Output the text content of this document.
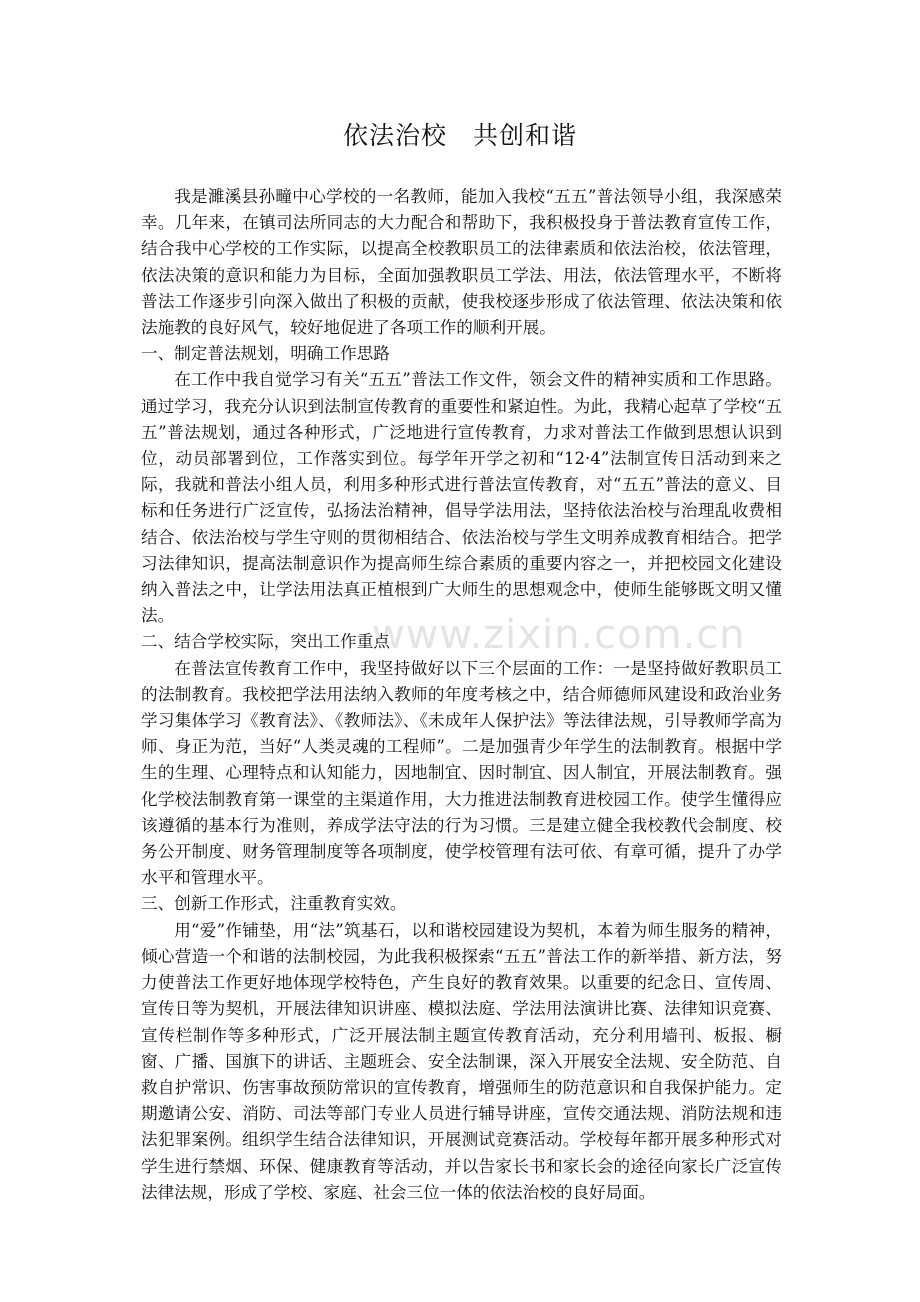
www.zixin.com.cn
依法治校　共创和谐

我是濉溪县孙疃中心学校的一名教师，能加入我校“五五”普法领导小组，我深感荣幸。几年来，在镇司法所同志的大力配合和帮助下，我积极投身于普法教育宣传工作，结合我中心学校的工作实际，以提高全校教职员工的法律素质和依法治校，依法管理，依法决策的意识和能力为目标，全面加强教职员工学法、用法，依法管理水平，不断将普法工作逐步引向深入做出了积极的贡献，使我校逐步形成了依法管理、依法决策和依法施教的良好风气，较好地促进了各项工作的顺利开展。

一、制定普法规划，明确工作思路

在工作中我自觉学习有关“五五”普法工作文件，领会文件的精神实质和工作思路。通过学习，我充分认识到法制宣传教育的重要性和紧迫性。为此，我精心起草了学校“五五”普法规划，通过各种形式，广泛地进行宣传教育，力求对普法工作做到思想认识到位，动员部署到位，工作落实到位。每学年开学之初和“12·4”法制宣传日活动到来之际，我就和普法小组人员，利用多种形式进行普法宣传教育，对“五五”普法的意义、目标和任务进行广泛宣传，弘扬法治精神，倡导学法用法，坚持依法治校与治理乱收费相结合、依法治校与学生守则的贯彻相结合、依法治校与学生文明养成教育相结合。把学习法律知识，提高法制意识作为提高师生综合素质的重要内容之一，并把校园文化建设纳入普法之中，让学法用法真正植根到广大师生的思想观念中，使师生能够既文明又懂法。

二、结合学校实际，突出工作重点

在普法宣传教育工作中，我坚持做好以下三个层面的工作：一是坚持做好教职员工的法制教育。我校把学法用法纳入教师的年度考核之中，结合师德师风建设和政治业务学习集体学习《教育法》、《教师法》、《未成年人保护法》等法律法规，引导教师学高为师、身正为范，当好“人类灵魂的工程师”。二是加强青少年学生的法制教育。根据中学生的生理、心理特点和认知能力，因地制宜、因时制宜、因人制宜，开展法制教育。强化学校法制教育第一课堂的主渠道作用，大力推进法制教育进校园工作。使学生懂得应该遵循的基本行为准则，养成学法守法的行为习惯。三是建立健全我校教代会制度、校务公开制度、财务管理制度等各项制度，使学校管理有法可依、有章可循，提升了办学水平和管理水平。

三、创新工作形式，注重教育实效。

用“爱”作铺垫，用“法”筑基石，以和谐校园建设为契机，本着为师生服务的精神，倾心营造一个和谐的法制校园，为此我积极探索“五五”普法工作的新举措、新方法，努力使普法工作更好地体现学校特色，产生良好的教育效果。以重要的纪念日、宣传周、宣传日等为契机，开展法律知识讲座、模拟法庭、学法用法演讲比赛、法律知识竞赛、宣传栏制作等多种形式，广泛开展法制主题宣传教育活动，充分利用墙刊、板报、橱窗、广播、国旗下的讲话、主题班会、安全法制课，深入开展安全法规、安全防范、自救自护常识、伤害事故预防常识的宣传教育，增强师生的防范意识和自我保护能力。定期邀请公安、消防、司法等部门专业人员进行辅导讲座，宣传交通法规、消防法规和违法犯罪案例。组织学生结合法律知识，开展测试竞赛活动。学校每年都开展多种形式对学生进行禁烟、环保、健康教育等活动，并以告家长书和家长会的途径向家长广泛宣传法律法规，形成了学校、家庭、社会三位一体的依法治校的良好局面。
